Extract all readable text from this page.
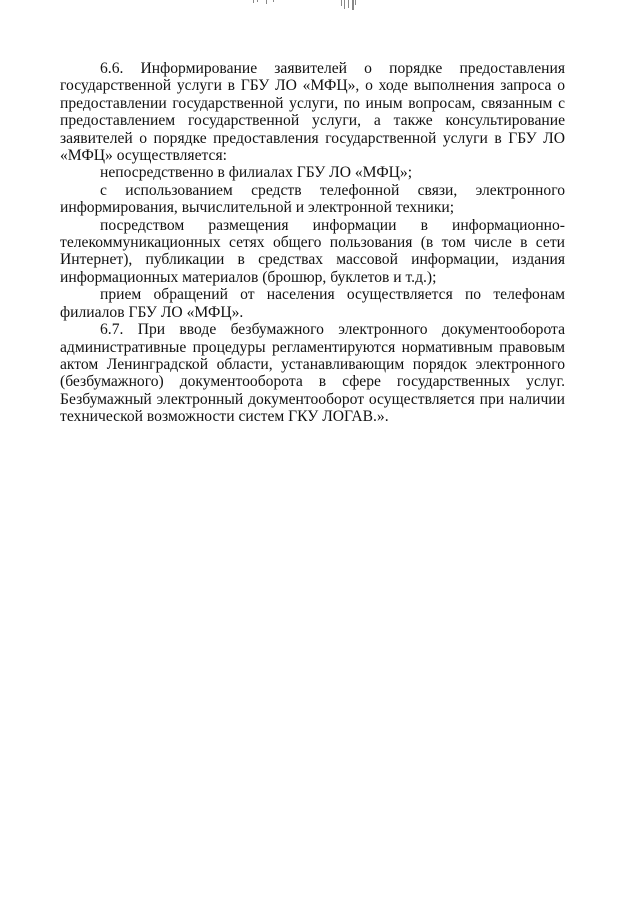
6.6. Информирование заявителей о порядке предоставления государственной услуги в ГБУ ЛО «МФЦ», о ходе выполнения запроса о предоставлении государственной услуги, по иным вопросам, связанным с предоставлением государственной услуги, а также консультирование заявителей о порядке предоставления государственной услуги в ГБУ ЛО «МФЦ» осуществляется:

непосредственно в филиалах ГБУ ЛО «МФЦ»;

с использованием средств телефонной связи, электронного информирования, вычислительной и электронной техники;

посредством размещения информации в информационно-телекоммуникационных сетях общего пользования (в том числе в сети Интернет), публикации в средствах массовой информации, издания информационных материалов (брошюр, буклетов и т.д.);

прием обращений от населения осуществляется по телефонам филиалов ГБУ ЛО «МФЦ».

6.7. При вводе безбумажного электронного документооборота административные процедуры регламентируются нормативным правовым актом Ленинградской области, устанавливающим порядок электронного (безбумажного) документооборота в сфере государственных услуг. Безбумажный электронный документооборот осуществляется при наличии технической возможности систем ГКУ ЛОГАВ.».
